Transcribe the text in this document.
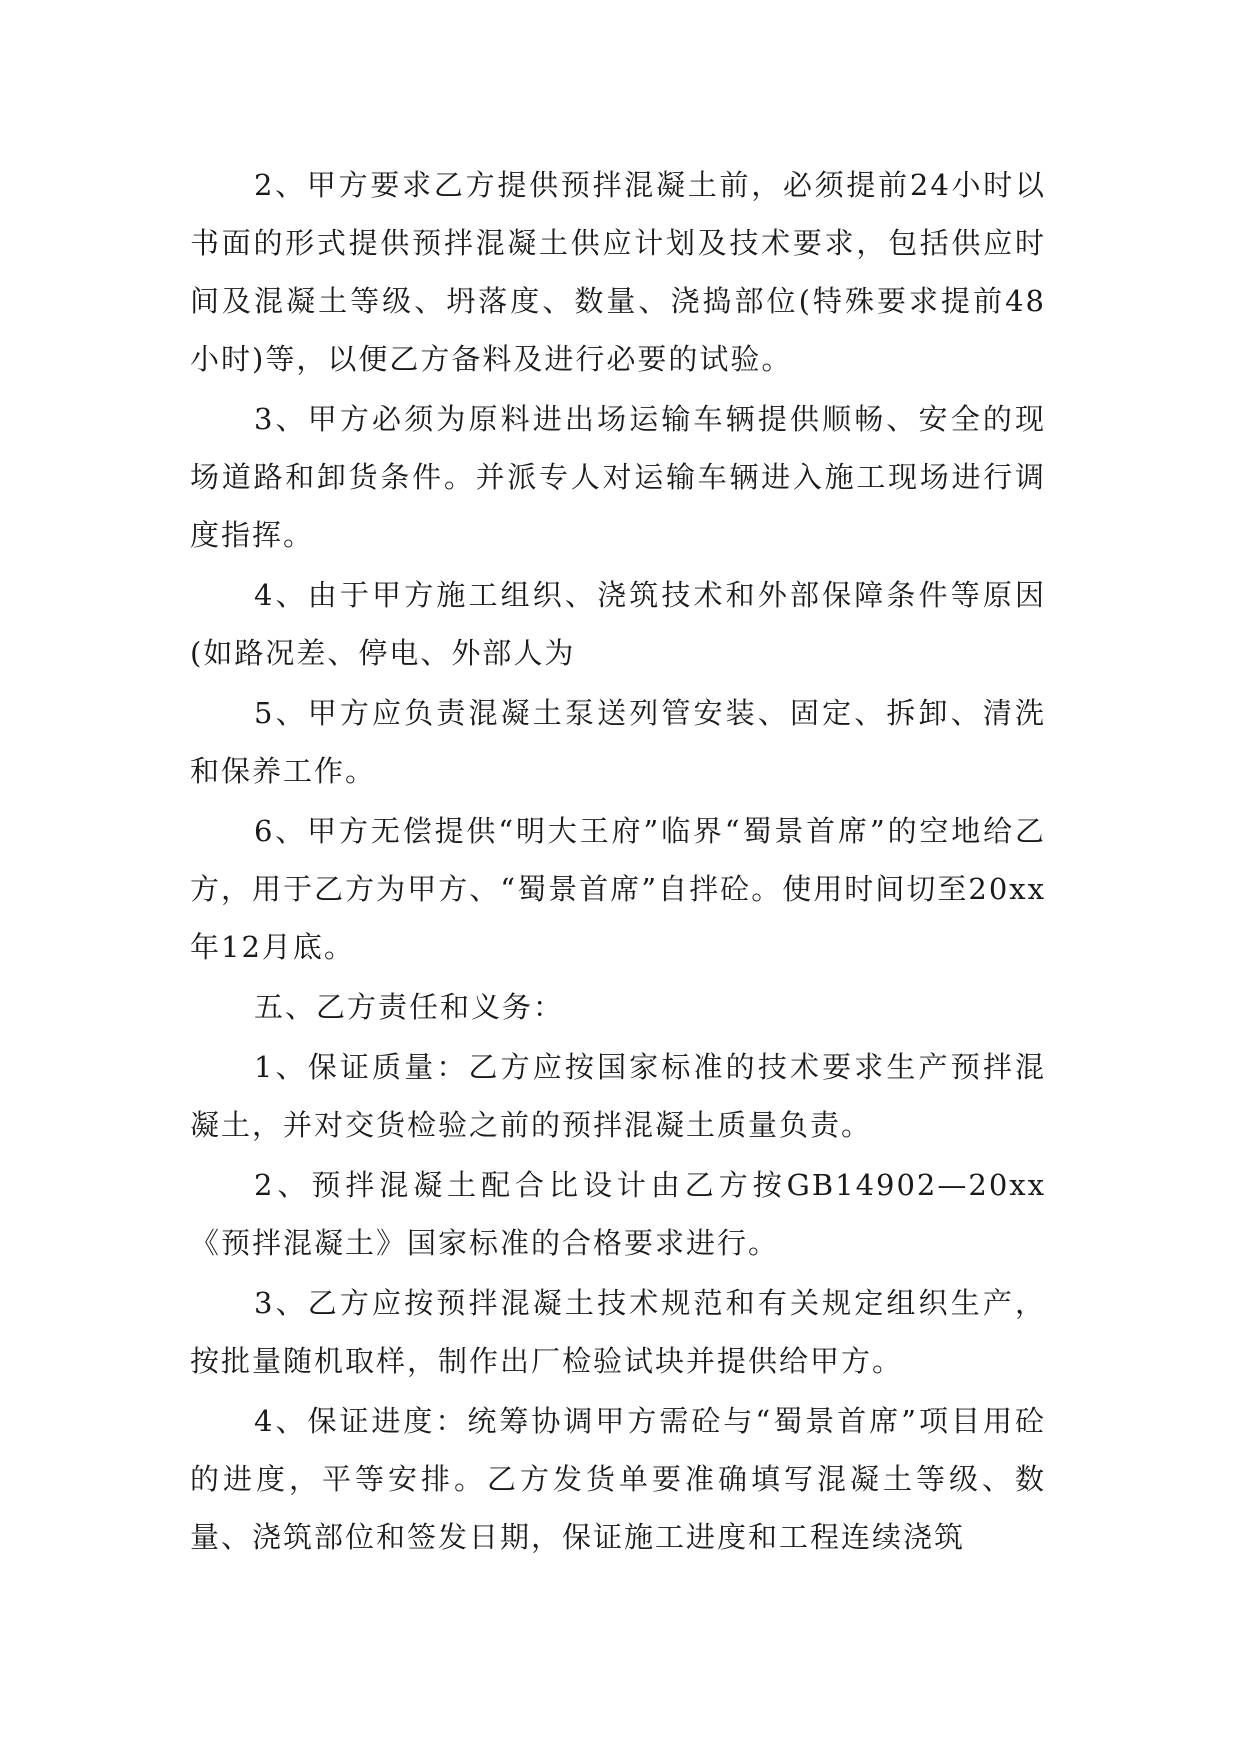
2、甲方要求乙方提供预拌混凝土前，必须提前24小时以书面的形式提供预拌混凝土供应计划及技术要求，包括供应时间及混凝土等级、坍落度、数量、浇捣部位(特殊要求提前48小时)等，以便乙方备料及进行必要的试验。

3、甲方必须为原料进出场运输车辆提供顺畅、安全的现场道路和卸货条件。并派专人对运输车辆进入施工现场进行调度指挥。

4、由于甲方施工组织、浇筑技术和外部保障条件等原因(如路况差、停电、外部人为

5、甲方应负责混凝土泵送列管安装、固定、拆卸、清洗和保养工作。

6、甲方无偿提供“明大王府”临界“蜀景首席”的空地给乙方，用于乙方为甲方、“蜀景首席”自拌砼。使用时间切至20xx年12月底。

五、乙方责任和义务：

1、保证质量：乙方应按国家标准的技术要求生产预拌混凝土，并对交货检验之前的预拌混凝土质量负责。

2、预拌混凝土配合比设计由乙方按GB14902—20xx《预拌混凝土》国家标准的合格要求进行。

3、乙方应按预拌混凝土技术规范和有关规定组织生产，按批量随机取样，制作出厂检验试块并提供给甲方。

4、保证进度：统筹协调甲方需砼与“蜀景首席”项目用砼的进度，平等安排。乙方发货单要准确填写混凝土等级、数量、浇筑部位和签发日期，保证施工进度和工程连续浇筑
